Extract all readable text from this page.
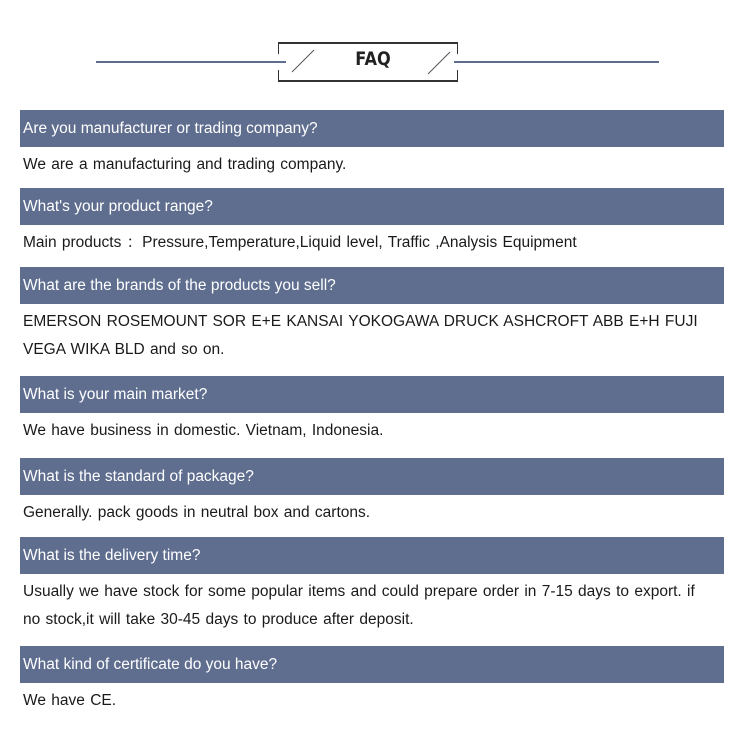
FAQ
Are you manufacturer or trading company?
We are a manufacturing and trading company.
What's your product range?
Main products ：Pressure,Temperature,Liquid level, Traffic ,Analysis Equipment
What are the brands of the products you sell?
EMERSON ROSEMOUNT SOR E+E KANSAI YOKOGAWA DRUCK ASHCROFT ABB E+H FUJI VEGA WIKA BLD and so on.
What is your main market?
We have business in domestic. Vietnam, Indonesia.
What is the standard of package?
Generally. pack goods in neutral box and cartons.
What is the delivery time?
Usually we have stock for some popular items and could prepare order in 7-15 days to export. if no stock,it will take 30-45 days to produce after deposit.
What kind of certificate do you have?
We have CE.
